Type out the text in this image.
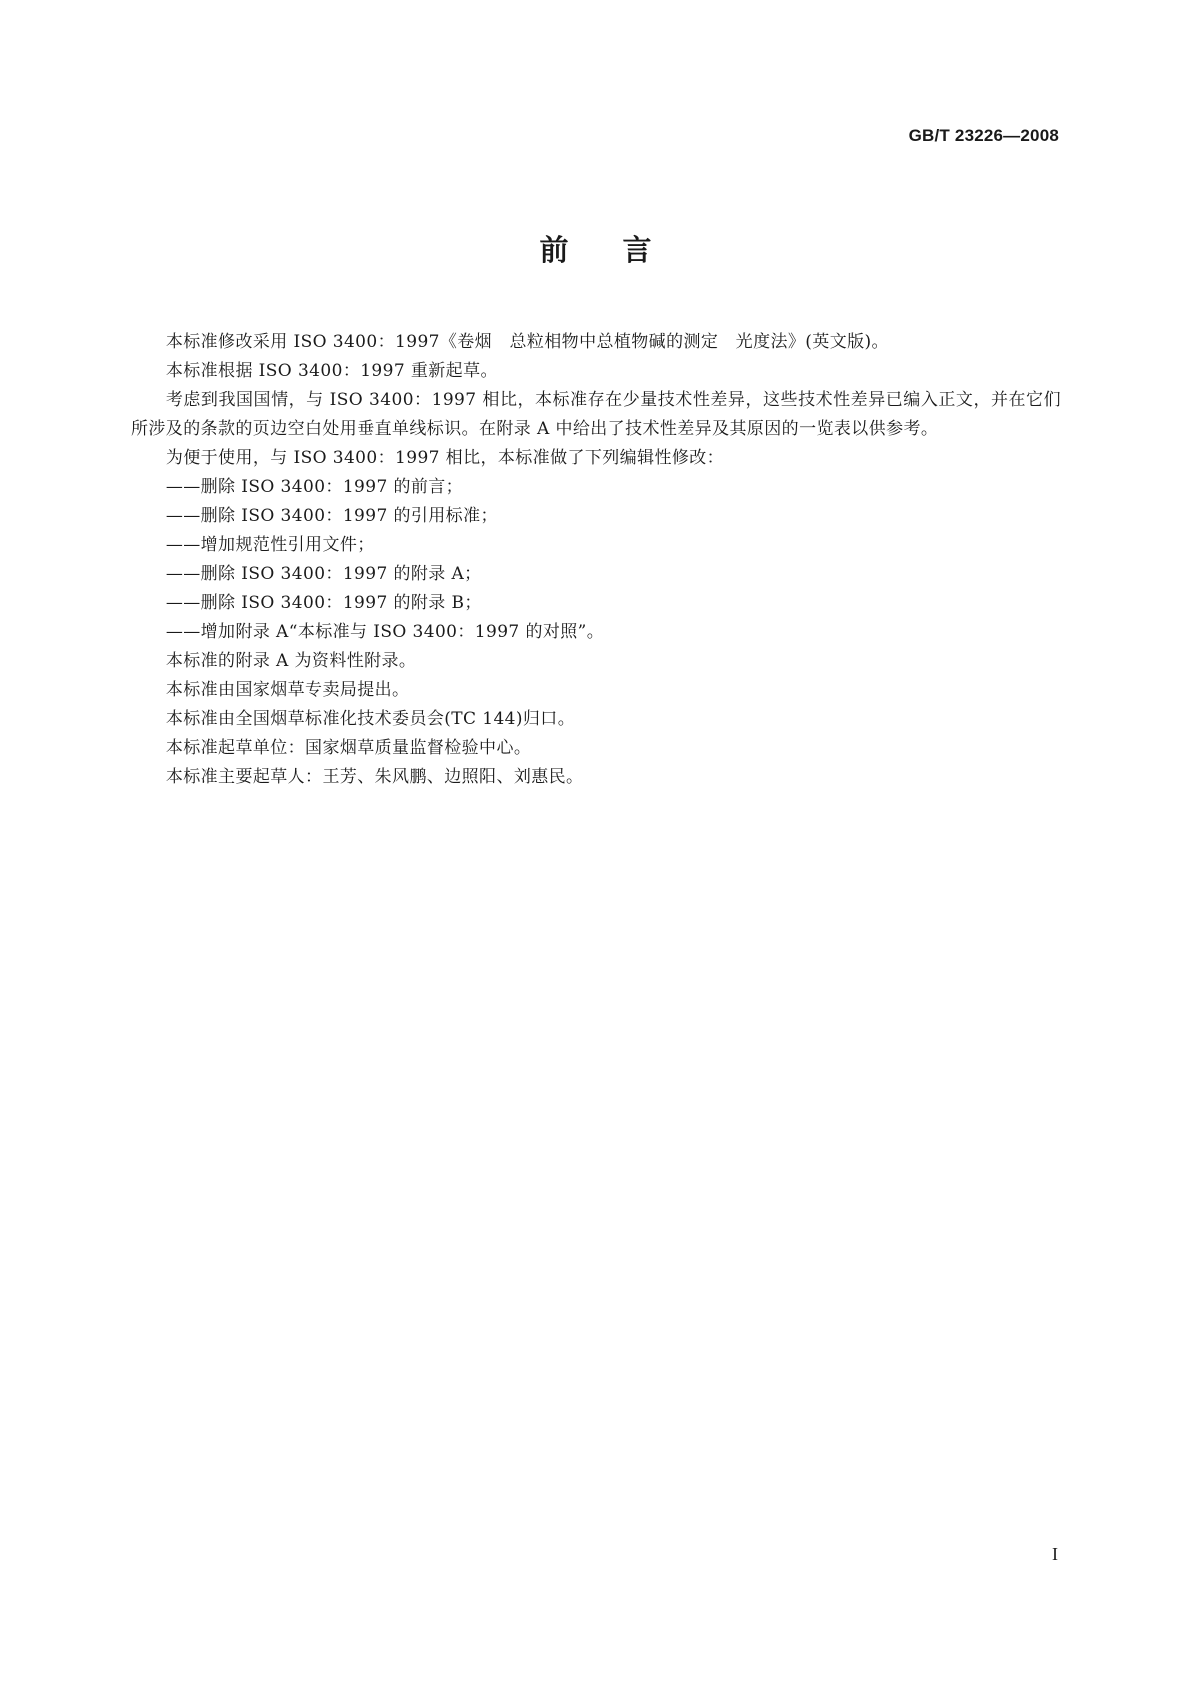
GB/T 23226—2008
前言

本标准修改采用 ISO 3400：1997《卷烟　总粒相物中总植物碱的测定　光度法》(英文版)。

本标准根据 ISO 3400：1997 重新起草。

考虑到我国国情，与 ISO 3400：1997 相比，本标准存在少量技术性差异，这些技术性差异已编入正文，并在它们所涉及的条款的页边空白处用垂直单线标识。在附录 A 中给出了技术性差异及其原因的一览表以供参考。

为便于使用，与 ISO 3400：1997 相比，本标准做了下列编辑性修改：

——删除 ISO 3400：1997 的前言；

——删除 ISO 3400：1997 的引用标准；

——增加规范性引用文件；

——删除 ISO 3400：1997 的附录 A；

——删除 ISO 3400：1997 的附录 B；

——增加附录 A“本标准与 ISO 3400：1997 的对照”。

本标准的附录 A 为资料性附录。

本标准由国家烟草专卖局提出。

本标准由全国烟草标准化技术委员会(TC 144)归口。

本标准起草单位：国家烟草质量监督检验中心。

本标准主要起草人：王芳、朱风鹏、边照阳、刘惠民。

I
